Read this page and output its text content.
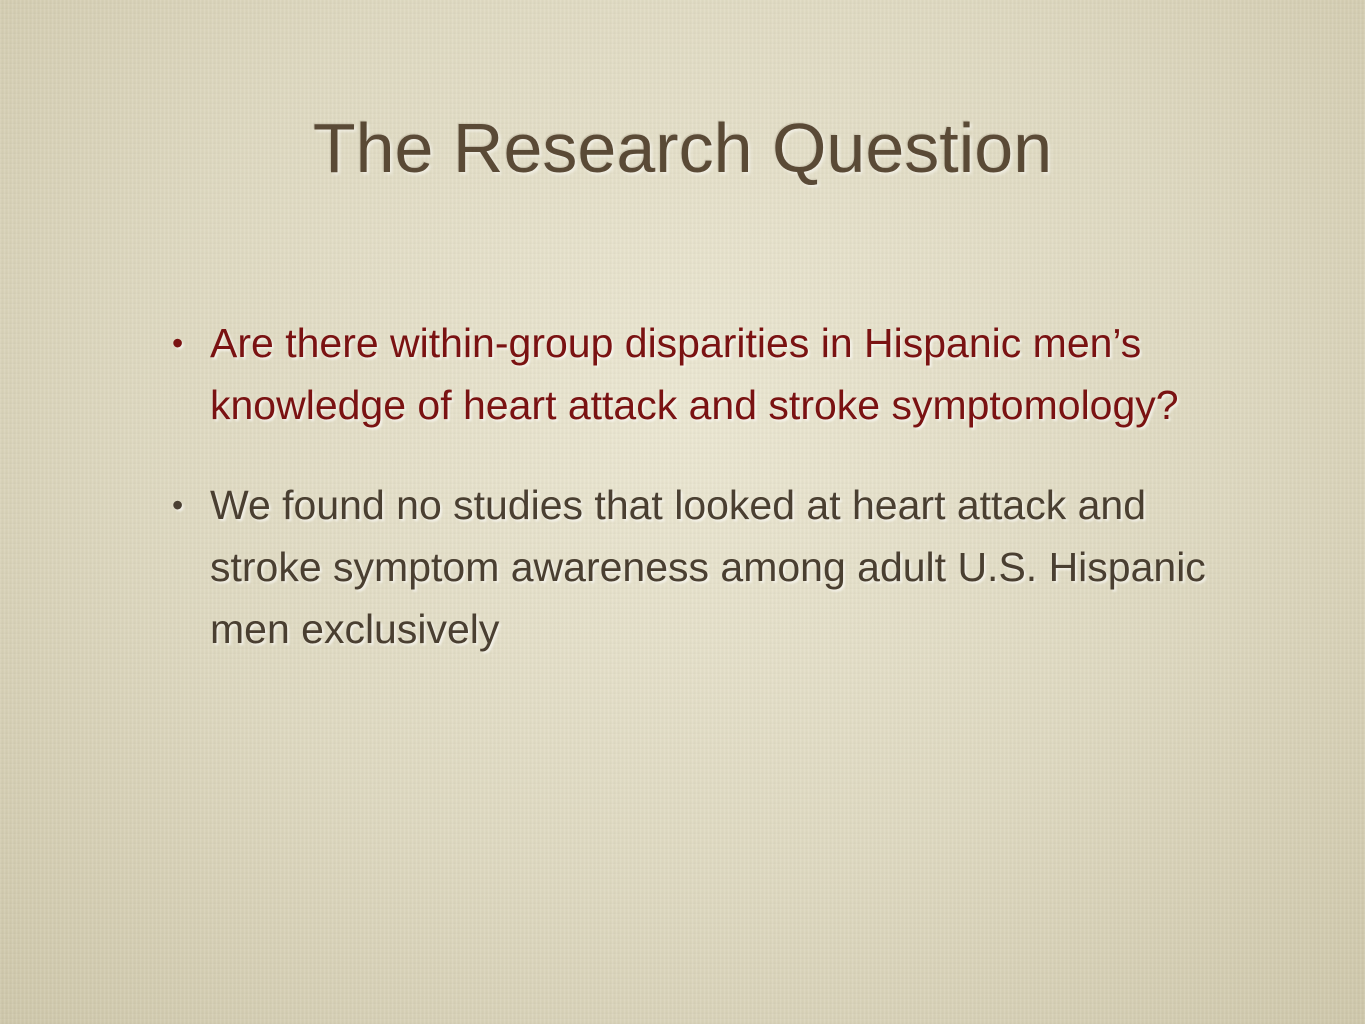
The Research Question
• Are there within-group disparities in Hispanic men’s knowledge of heart attack and stroke symptomology?
• We found no studies that looked at heart attack and stroke symptom awareness among adult U.S. Hispanic men exclusively
